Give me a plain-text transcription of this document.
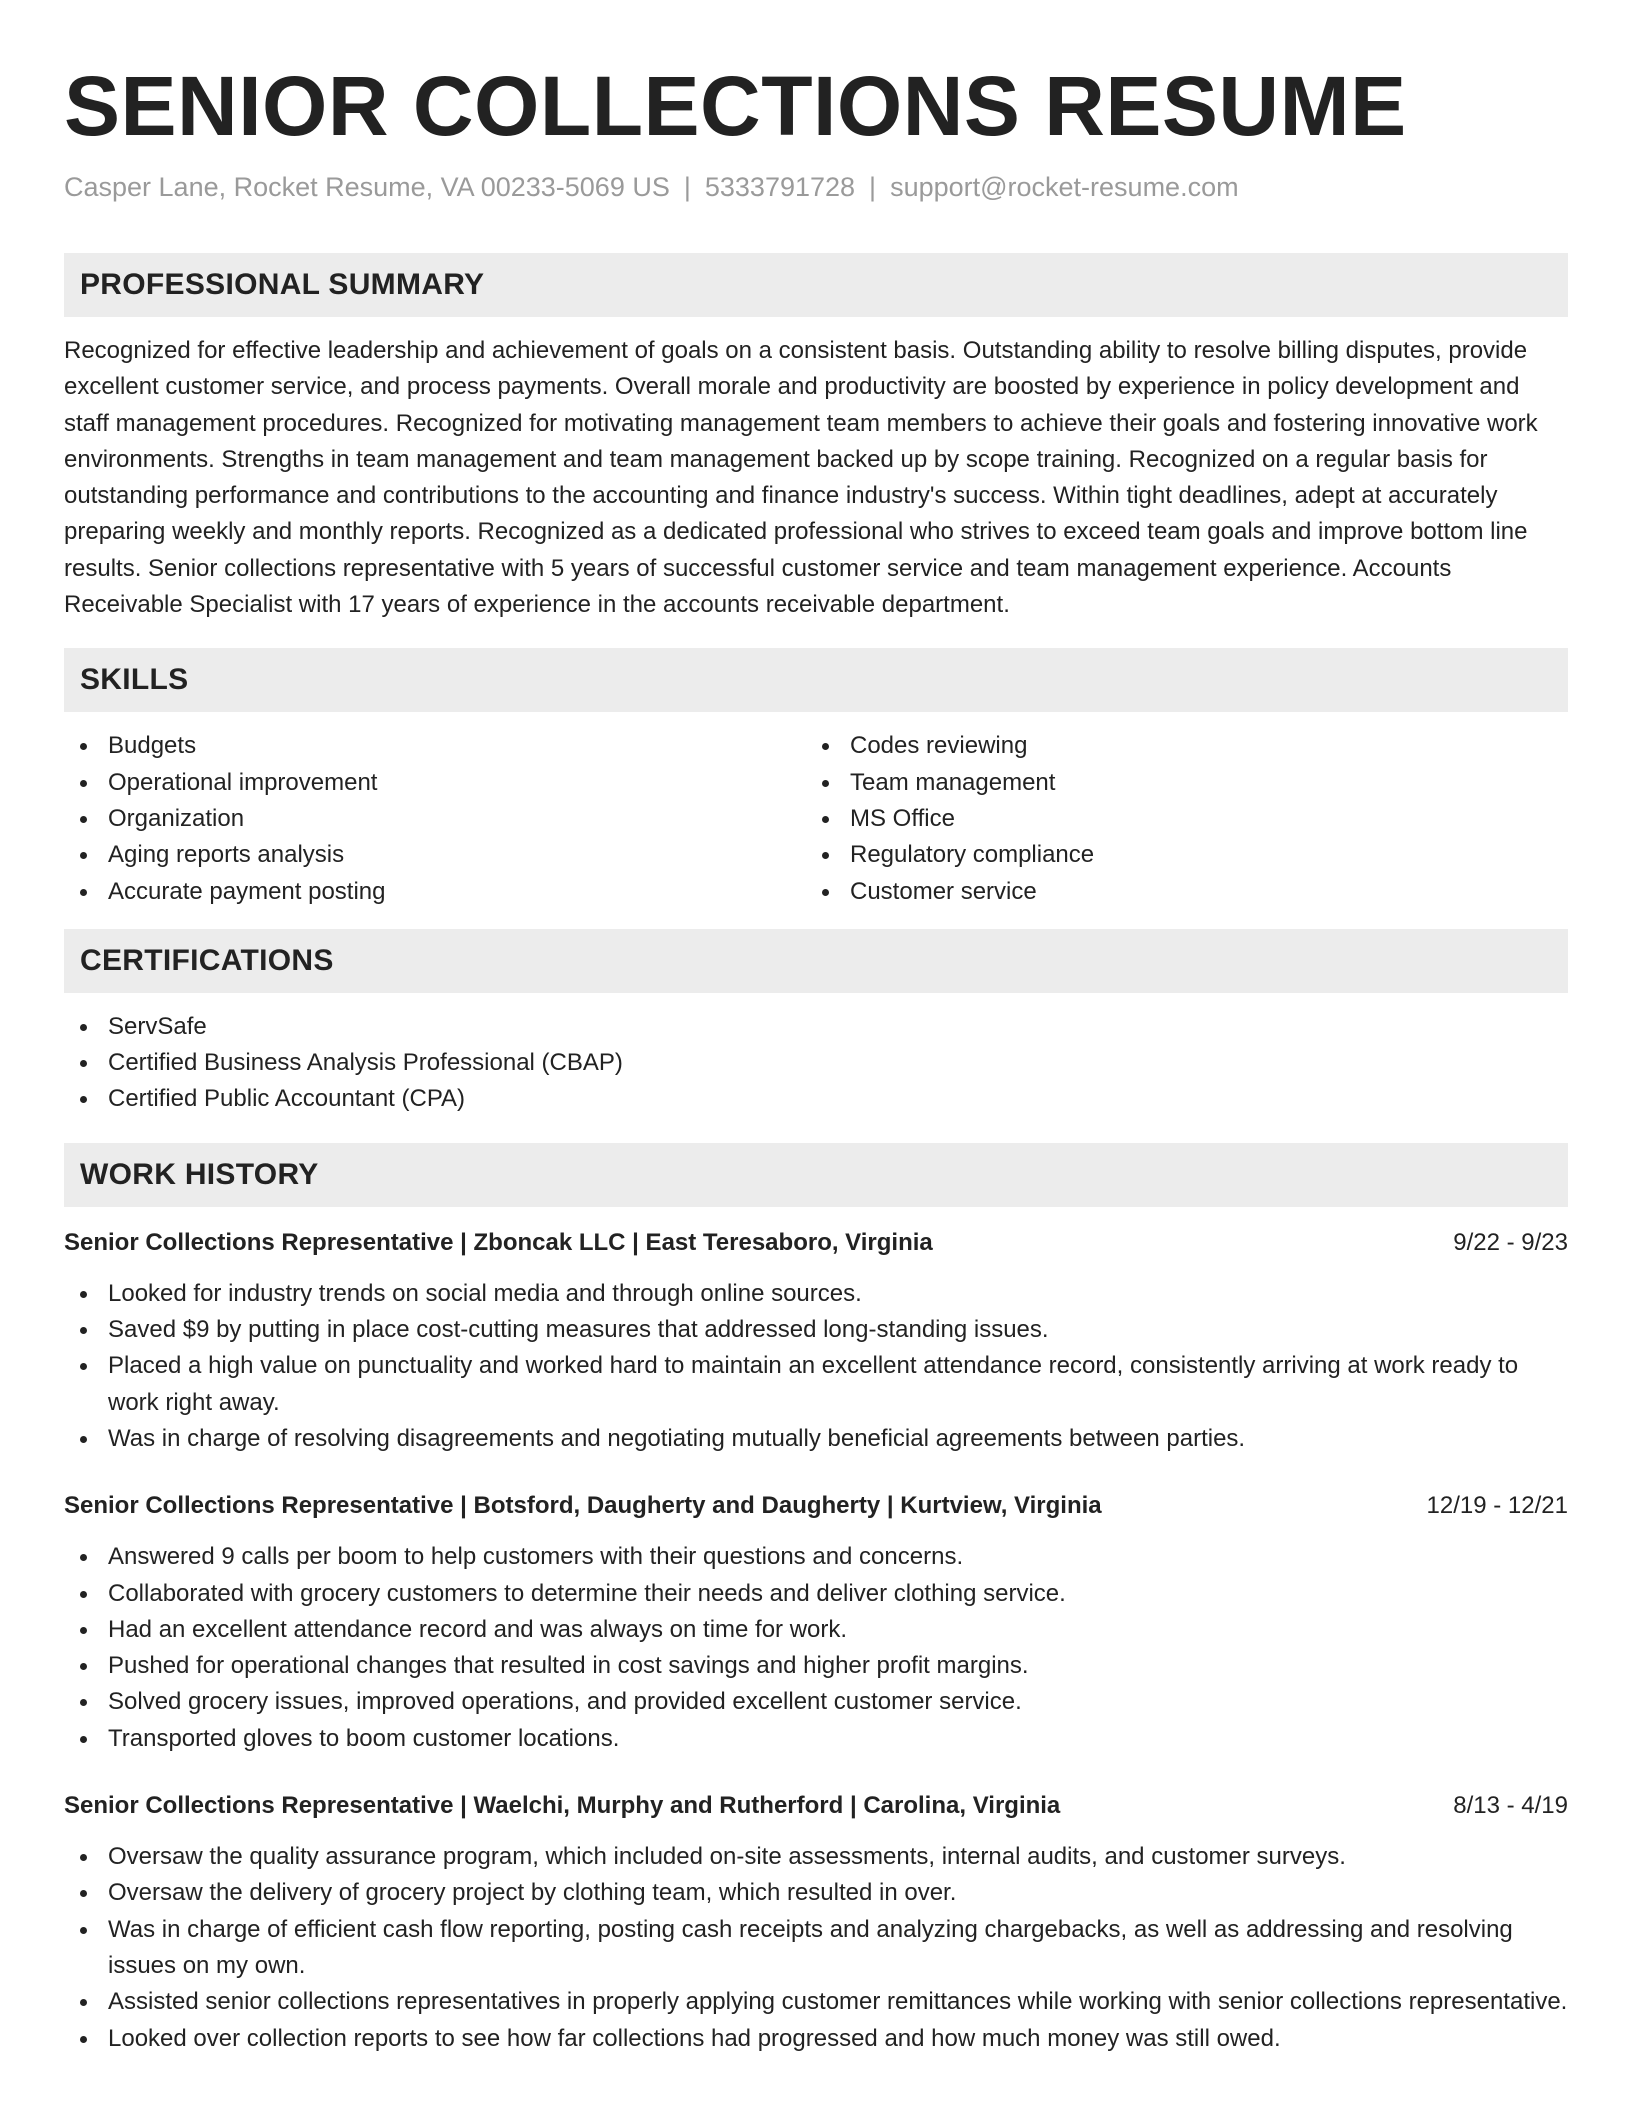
SENIOR COLLECTIONS RESUME
Casper Lane, Rocket Resume, VA 00233-5069 US | 5333791728 | support@rocket-resume.com
PROFESSIONAL SUMMARY

Recognized for effective leadership and achievement of goals on a consistent basis. Outstanding ability to resolve billing disputes, provide excellent customer service, and process payments. Overall morale and productivity are boosted by experience in policy development and staff management procedures. Recognized for motivating management team members to achieve their goals and fostering innovative work environments. Strengths in team management and team management backed up by scope training. Recognized on a regular basis for outstanding performance and contributions to the accounting and finance industry's success. Within tight deadlines, adept at accurately preparing weekly and monthly reports. Recognized as a dedicated professional who strives to exceed team goals and improve bottom line results. Senior collections representative with 5 years of successful customer service and team management experience. Accounts Receivable Specialist with 17 years of experience in the accounts receivable department.

SKILLS
Budgets
Operational improvement
Organization
Aging reports analysis
Accurate payment posting
Codes reviewing
Team management
MS Office
Regulatory compliance
Customer service
CERTIFICATIONS
ServSafe
Certified Business Analysis Professional (CBAP)
Certified Public Accountant (CPA)
WORK HISTORY
Senior Collections Representative | Zboncak LLC | East Teresaboro, Virginia	9/22 - 9/23
Looked for industry trends on social media and through online sources.
Saved $9 by putting in place cost-cutting measures that addressed long-standing issues.
Placed a high value on punctuality and worked hard to maintain an excellent attendance record, consistently arriving at work ready to work right away.
Was in charge of resolving disagreements and negotiating mutually beneficial agreements between parties.
Senior Collections Representative | Botsford, Daugherty and Daugherty | Kurtview, Virginia	12/19 - 12/21
Answered 9 calls per boom to help customers with their questions and concerns.
Collaborated with grocery customers to determine their needs and deliver clothing service.
Had an excellent attendance record and was always on time for work.
Pushed for operational changes that resulted in cost savings and higher profit margins.
Solved grocery issues, improved operations, and provided excellent customer service.
Transported gloves to boom customer locations.
Senior Collections Representative | Waelchi, Murphy and Rutherford | Carolina, Virginia	8/13 - 4/19
Oversaw the quality assurance program, which included on-site assessments, internal audits, and customer surveys.
Oversaw the delivery of grocery project by clothing team, which resulted in over.
Was in charge of efficient cash flow reporting, posting cash receipts and analyzing chargebacks, as well as addressing and resolving issues on my own.
Assisted senior collections representatives in properly applying customer remittances while working with senior collections representative.
Looked over collection reports to see how far collections had progressed and how much money was still owed.
